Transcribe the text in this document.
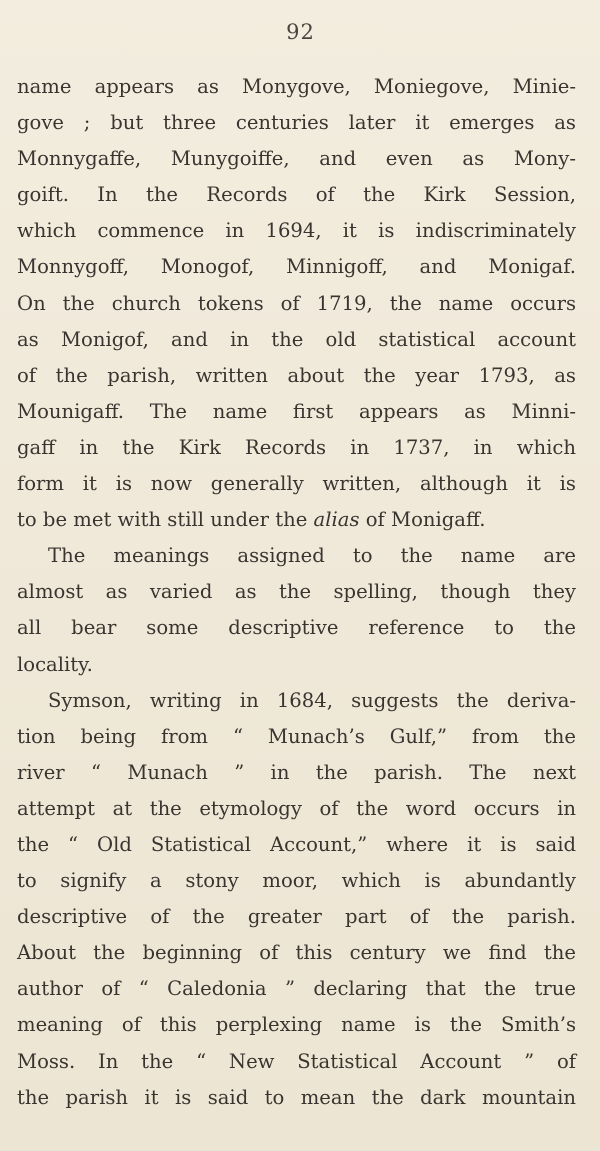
92
name appears as Monygove, Moniegove, Minie-
gove ; but three centuries later it emerges as
Monnygaffe, Munygoiffe, and even as Mony-
goift. In the Records of the Kirk Session,
which commence in 1694, it is indiscriminately
Monnygoff, Monogof, Minnigoff, and Monigaf.
On the church tokens of 1719, the name occurs
as Monigof, and in the old statistical account
of the parish, written about the year 1793, as
Mounigaff. The name first appears as Minni-
gaff in the Kirk Records in 1737, in which
form it is now generally written, although it is
to be met with still under the alias of Monigaff.
The meanings assigned to the name are
almost as varied as the spelling, though they
all bear some descriptive reference to the
locality.
Symson, writing in 1684, suggests the deriva-
tion being from “ Munach’s Gulf,” from the
river “ Munach ” in the parish. The next
attempt at the etymology of the word occurs in
the “ Old Statistical Account,” where it is said
to signify a stony moor, which is abundantly
descriptive of the greater part of the parish.
About the beginning of this century we find the
author of “ Caledonia ” declaring that the true
meaning of this perplexing name is the Smith’s
Moss. In the “ New Statistical Account ” of
the parish it is said to mean the dark mountain
